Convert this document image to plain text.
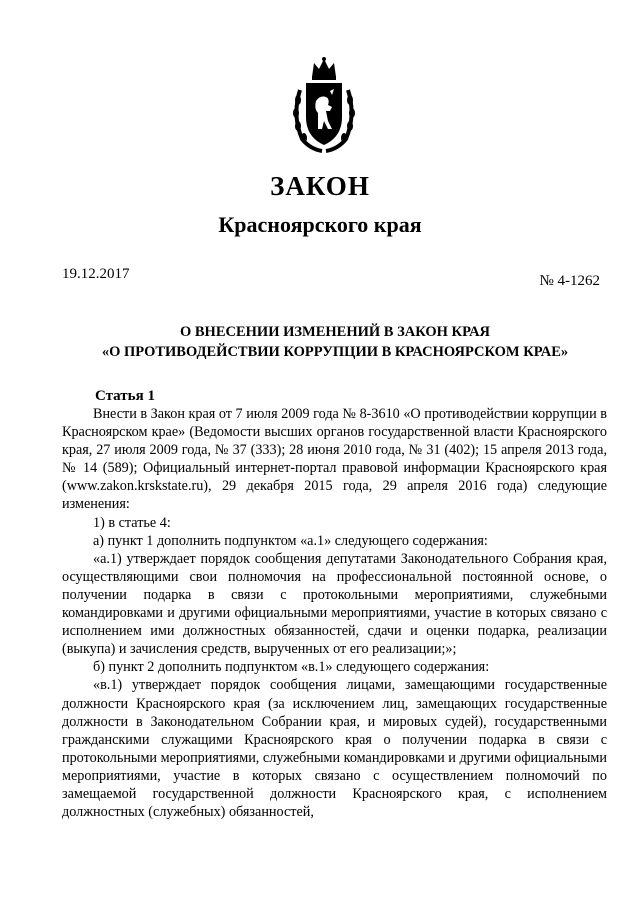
ЗАКОН
Красноярского края
19.12.2017	№ 4-1262
О ВНЕСЕНИИ ИЗМЕНЕНИЙ В ЗАКОН КРАЯ
«О ПРОТИВОДЕЙСТВИИ КОРРУПЦИИ В КРАСНОЯРСКОМ КРАЕ»
Статья 1

Внести в Закон края от 7 июля 2009 года № 8-3610 «О противодействии коррупции в Красноярском крае» (Ведомости высших органов государственной власти Красноярского края, 27 июля 2009 года, № 37 (333); 28 июня 2010 года, № 31 (402); 15 апреля 2013 года, № 14 (589); Официальный интернет-портал правовой информации Красноярского края (www.zakon.krskstate.ru), 29 декабря 2015 года, 29 апреля 2016 года) следующие изменения:

1) в статье 4:

а) пункт 1 дополнить подпунктом «а.1» следующего содержания:

«а.1) утверждает порядок сообщения депутатами Законодательного Собрания края, осуществляющими свои полномочия на профессиональной постоянной основе, о получении подарка в связи с протокольными мероприятиями, служебными командировками и другими официальными мероприятиями, участие в которых связано с исполнением ими должностных обязанностей, сдачи и оценки подарка, реализации (выкупа) и зачисления средств, вырученных от его реализации;»;

б) пункт 2 дополнить подпунктом «в.1» следующего содержания:

«в.1) утверждает порядок сообщения лицами, замещающими государственные должности Красноярского края (за исключением лиц, замещающих государственные должности в Законодательном Собрании края, и мировых судей), государственными гражданскими служащими Красноярского края о получении подарка в связи с протокольными мероприятиями, служебными командировками и другими официальными мероприятиями, участие в которых связано с осуществлением полномочий по замещаемой государственной должности Красноярского края, с исполнением должностных (служебных) обязанностей,
